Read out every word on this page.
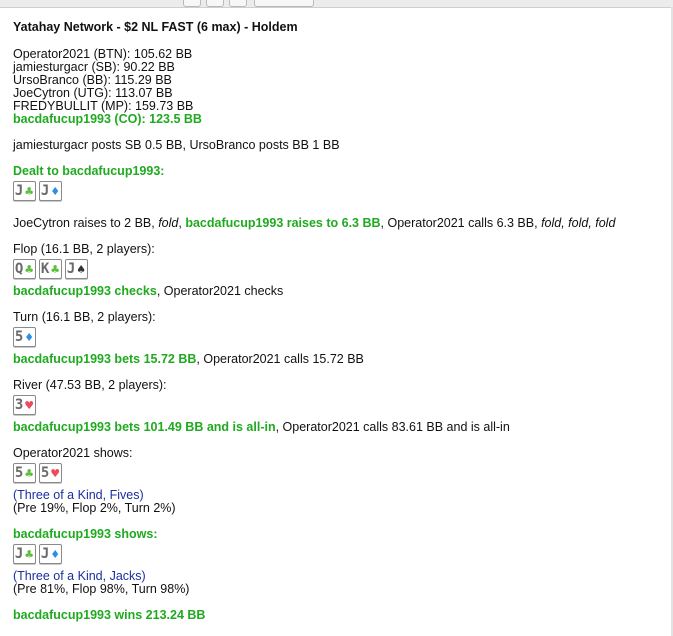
Yatahay Network - $2 NL FAST (6 max) - Holdem
Operator2021 (BTN): 105.62 BB
jamiesturgacr (SB): 90.22 BB
UrsoBranco (BB): 115.29 BB
JoeCytron (UTG): 113.07 BB
FREDYBULLIT (MP): 159.73 BB
bacdafucup1993 (CO): 123.5 BB
jamiesturgacr posts SB 0.5 BB, UrsoBranco posts BB 1 BB
Dealt to bacdafucup1993:
J ♣ J ♦
JoeCytron raises to 2 BB, fold, bacdafucup1993 raises to 6.3 BB, Operator2021 calls 6.3 BB, fold, fold, fold
Flop (16.1 BB, 2 players):
Q ♣ K ♣ J ♠
bacdafucup1993 checks, Operator2021 checks
Turn (16.1 BB, 2 players):
5 ♦
bacdafucup1993 bets 15.72 BB, Operator2021 calls 15.72 BB
River (47.53 BB, 2 players):
3 ♥
bacdafucup1993 bets 101.49 BB and is all-in, Operator2021 calls 83.61 BB and is all-in
Operator2021 shows:
5 ♣ 5 ♥
(Three of a Kind, Fives)
(Pre 19%, Flop 2%, Turn 2%)
bacdafucup1993 shows:
J ♣ J ♦
(Three of a Kind, Jacks)
(Pre 81%, Flop 98%, Turn 98%)
bacdafucup1993 wins 213.24 BB
